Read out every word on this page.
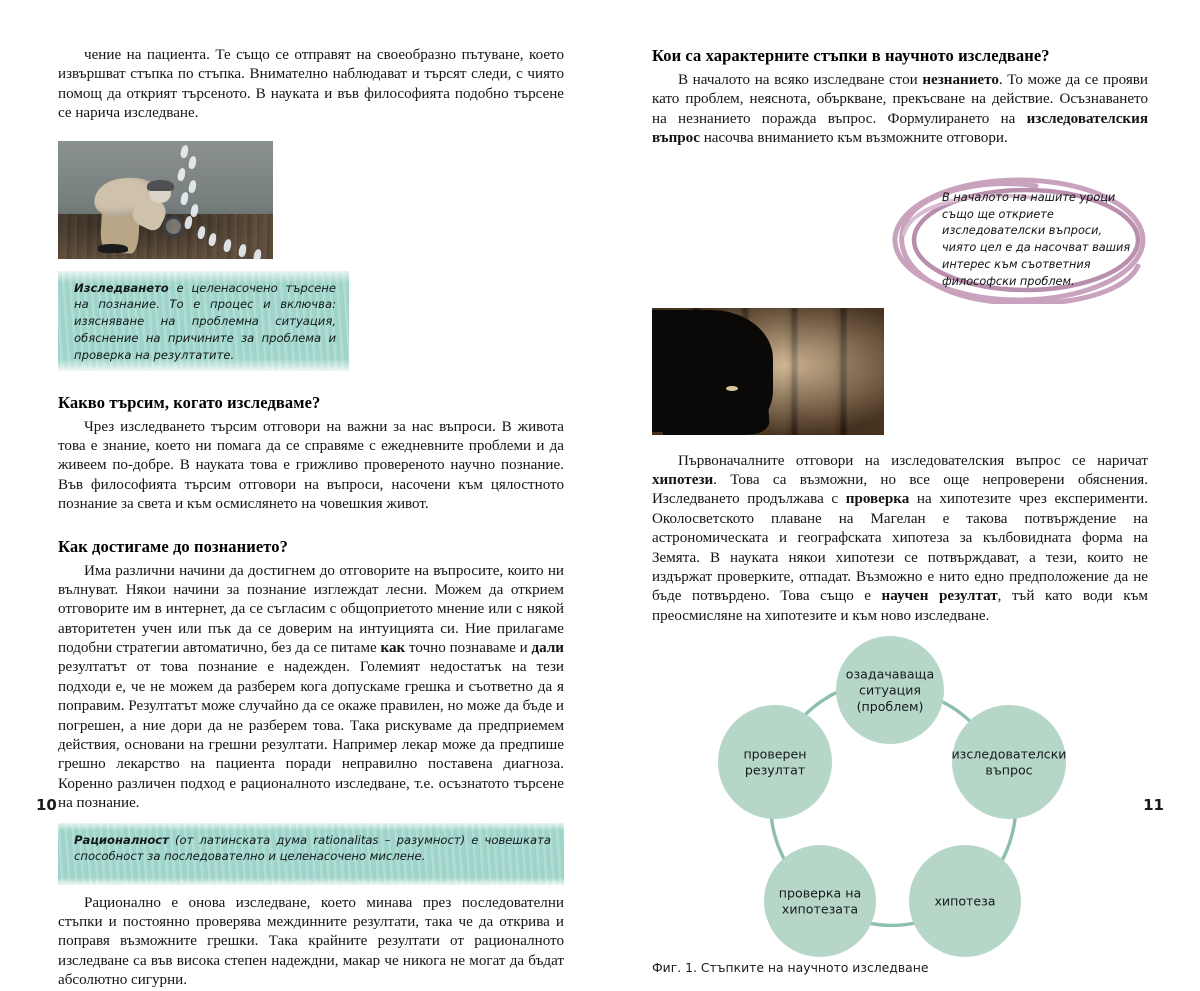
чение на пациента. Те също се отправят на своеобразно пътуване, което извършват стъпка по стъпка. Внимателно наблюдават и търсят следи, с чиято помощ да открият търсеното. В науката и във философията подобно търсене се нарича изследване.

Изследването е целенасочено търсене на познание. То е процес и включва: изясняване на проблемна ситуация, обяснение на причините за проблема и проверка на резултатите.
Какво търсим, когато изследваме?

Чрез изследването търсим отговори на важни за нас въпроси. В живота това е знание, което ни помага да се справяме с ежедневните проблеми и да живеем по-добре. В науката това е грижливо провереното научно познание. Във философията търсим отговори на въпроси, насочени към цялостното познание за света и към осмислянето на човешкия живот.

Как достигаме до познанието?

Има различни начини да достигнем до отговорите на въпросите, които ни вълнуват. Някои начини за познание изглеждат лесни. Можем да открием отговорите им в интернет, да се съгласим с общоприетото мнение или с някой авторитетен учен или пък да се доверим на интуицията си. Ние прилагаме подобни стратегии автоматично, без да се питаме как точно познаваме и дали резултатът от това познание е надежден. Големият недостатък на тези подходи е, че не можем да разберем кога допускаме грешка и съответно да я поправим. Резултатът може случайно да се окаже правилен, но може да бъде и погрешен, а ние дори да не разберем това. Така рискуваме да предприемем действия, основани на грешни резултати. Например лекар може да предпише грешно лекарство на пациента поради неправилно поставена диагноза. Коренно различен подход е рационалното изследване, т.е. осъзнатото търсене на познание.

Рационалност (от латинската дума rationalitas – разумност) е човешката способност за последователно и целенасочено мислене.

Рационално е онова изследване, което минава през последователни стъпки и постоянно проверява междинните резултати, така че да открива и поправя възможните грешки. Така крайните резултати от рационалното изследване са във висока степен надеждни, макар че никога не могат да бъдат абсолютно сигурни.

10
Кои са характерните стъпки в научното изследване?

В началото на всяко изследване стои незнанието. То може да се прояви като проблем, неяснота, объркване, прекъсване на действие. Осъзнаването на незнанието поражда въпрос. Формулирането на изследователския въпрос насочва вниманието към възможните отговори.

В началото на нашите уроци също ще откриете изследователски въпроси, чиято цел е да насочват вашия интерес към съответния философски проблем.

Първоначалните отговори на изследователския въпрос се наричат хипотези. Това са възможни, но все още непроверени обяснения. Изследването продължава с проверка на хипотезите чрез експерименти. Околосветското плаване на Магелан е такова потвърждение на астрономическата и географската хипотеза за кълбовидната форма на Земята. В науката някои хипотези се потвърждават, а тези, които не издържат проверките, отпадат. Възможно е нито едно предположение да не бъде потвърдено. Това също е научен резултат, тъй като води към преосмисляне на хипотезите и към ново изследване.

озадачаваща ситуация (проблем)
изследователски въпрос
хипотеза
проверка на хипотезата
проверен резултат
Фиг. 1. Стъпките на научното изследване
11
